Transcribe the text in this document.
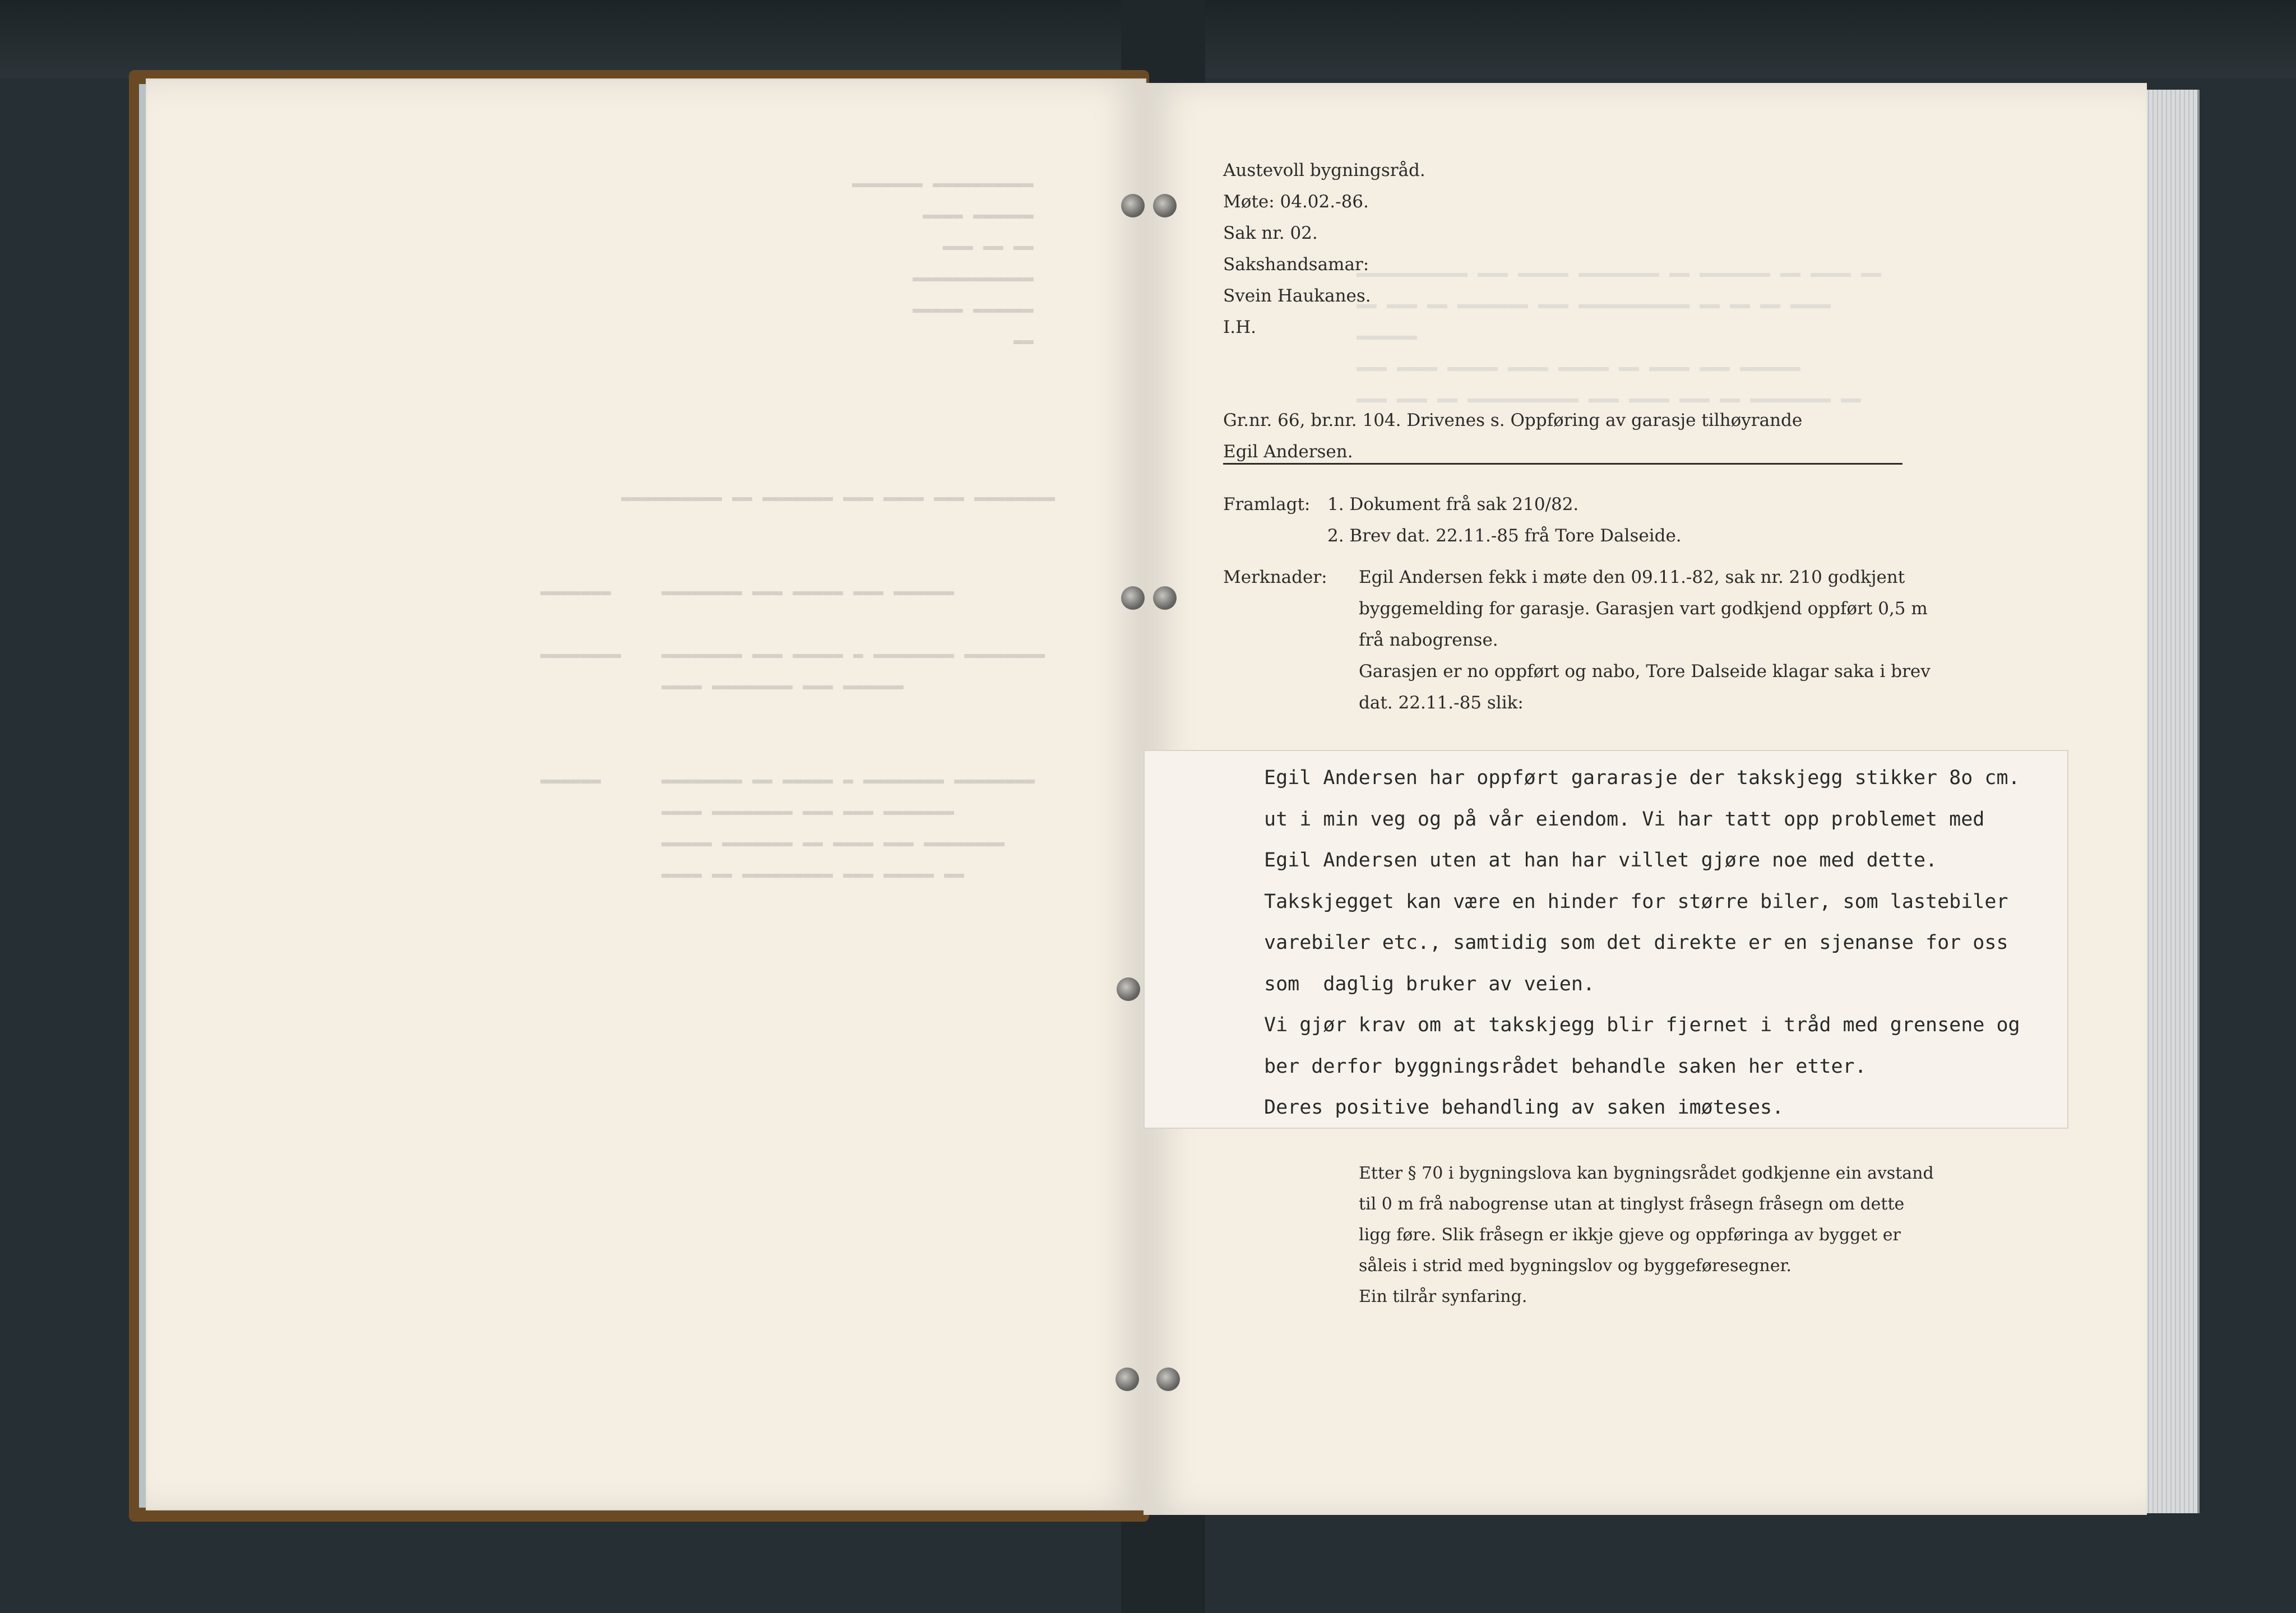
▬▬▬▬▬▬▬ ▬▬▬▬▬▬▬▬▬▬
▬▬▬▬ ▬▬▬▬▬▬
▬▬▬ ▬▬ ▬▬
▬▬▬▬▬▬▬▬▬▬▬▬
▬▬▬▬▬ ▬▬▬▬▬▬
▬▬
▬▬▬▬▬▬▬▬▬▬ ▬▬ ▬▬▬▬▬▬▬ ▬▬▬ ▬▬▬▬ ▬▬▬ ▬▬▬▬▬▬▬▬

▬▬▬▬▬▬▬     ▬▬▬▬▬▬▬▬ ▬▬▬ ▬▬▬▬▬ ▬▬▬ ▬▬▬▬▬▬

▬▬▬▬▬▬▬▬    ▬▬▬▬▬▬▬▬ ▬▬▬ ▬▬▬▬▬ ▬ ▬▬▬▬▬▬▬▬ ▬▬▬▬▬▬▬▬
▬▬▬▬ ▬▬▬▬▬▬▬▬ ▬▬▬ ▬▬▬▬▬▬

▬▬▬▬▬▬      ▬▬▬▬▬▬▬▬ ▬▬ ▬▬▬▬▬ ▬ ▬▬▬▬▬▬▬▬ ▬▬▬▬▬▬▬▬
▬▬▬▬ ▬▬▬▬▬▬▬▬ ▬▬▬ ▬▬▬ ▬▬▬▬▬▬▬
▬▬▬▬▬ ▬▬▬▬▬▬▬ ▬▬ ▬▬▬▬ ▬▬▬ ▬▬▬▬▬▬▬▬
▬▬▬▬ ▬▬ ▬▬▬▬▬▬▬▬▬ ▬▬▬ ▬▬▬▬▬ ▬▬
▬▬▬▬▬▬▬▬▬▬▬ ▬▬▬ ▬▬▬▬▬ ▬▬▬▬▬▬▬▬ ▬▬ ▬▬▬▬▬▬▬ ▬▬ ▬▬▬▬ ▬▬
▬▬ ▬▬▬ ▬▬ ▬▬▬▬▬▬▬ ▬▬▬ ▬▬▬▬▬▬▬▬▬▬▬ ▬▬ ▬▬ ▬▬ ▬▬▬▬
▬▬▬▬▬▬
▬▬▬ ▬▬▬▬ ▬▬▬▬▬ ▬▬▬▬ ▬▬▬▬▬ ▬▬ ▬▬▬▬ ▬▬▬ ▬▬▬▬▬▬
▬▬▬ ▬▬▬ ▬▬ ▬▬▬▬▬▬▬▬▬▬▬ ▬▬▬ ▬▬▬▬ ▬▬▬ ▬▬ ▬▬▬▬▬▬▬▬ ▬▬
Austevoll bygningsråd.
Møte: 04.02.-86.
Sak nr. 02.
Sakshandsamar:
Svein Haukanes.
I.H.
Gr.nr. 66, br.nr. 104. Drivenes s. Oppføring av garasje tilhøyrande
Egil Andersen.
Framlagt: 1. Dokument frå sak 210/82.
2. Brev dat. 22.11.-85 frå Tore Dalseide.
Merknader: Egil Andersen fekk i møte den 09.11.-82, sak nr. 210 godkjent
byggemelding for garasje. Garasjen vart godkjend oppført 0,5 m
frå nabogrense.
Garasjen er no oppført og nabo, Tore Dalseide klagar saka i brev
dat. 22.11.-85 slik:
Egil Andersen har oppført gararasje der takskjegg stikker 8o cm.
ut i min veg og på vår eiendom. Vi har tatt opp problemet med
Egil Andersen uten at han har villet gjøre noe med dette.
Takskjegget kan være en hinder for større biler, som lastebiler
varebiler etc., samtidig som det direkte er en sjenanse for oss
som  daglig bruker av veien.
Vi gjør krav om at takskjegg blir fjernet i tråd med grensene og
ber derfor byggningsrådet behandle saken her etter.
Deres positive behandling av saken imøteses.
Etter § 70 i bygningslova kan bygningsrådet godkjenne ein avstand
til 0 m frå nabogrense utan at tinglyst fråsegn fråsegn om dette
ligg føre. Slik fråsegn er ikkje gjeve og oppføringa av bygget er
såleis i strid med bygningslov og byggeføresegner.
Ein tilrår synfaring.
